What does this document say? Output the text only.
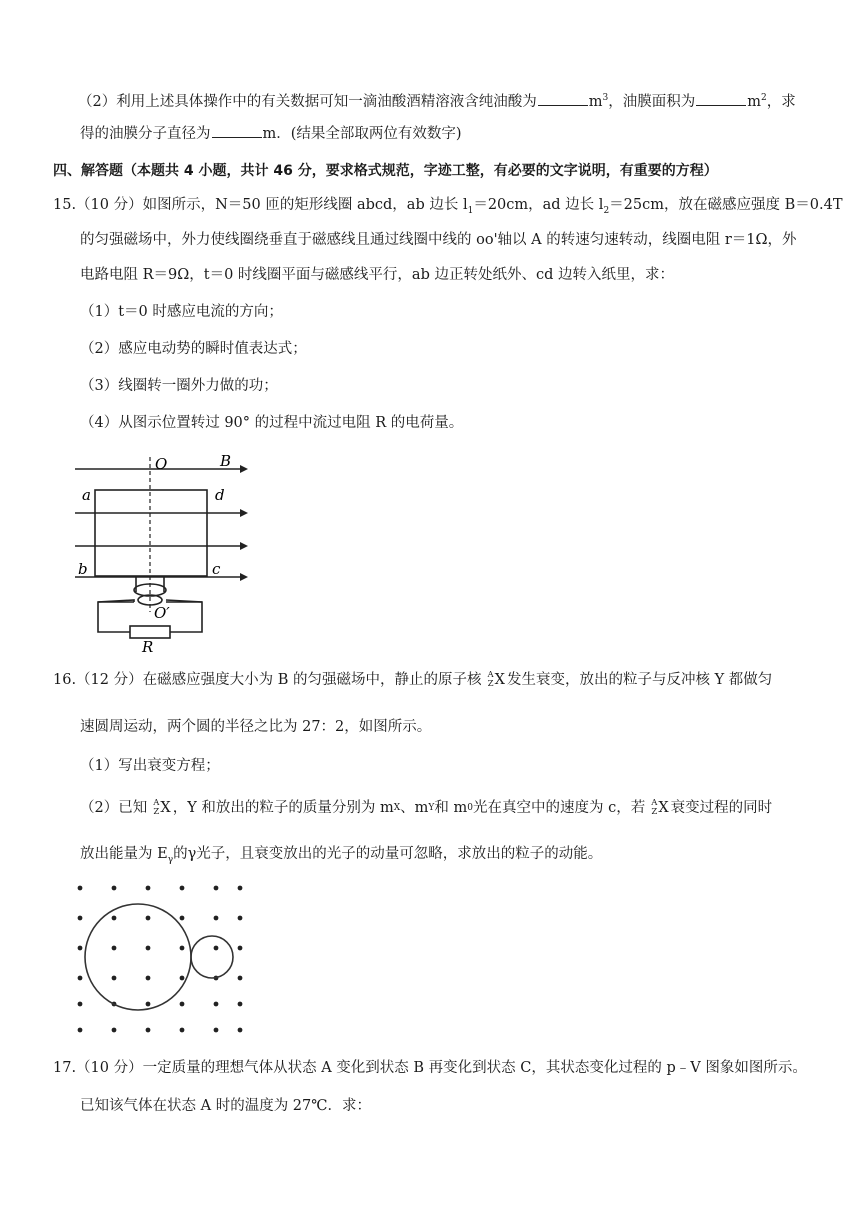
（2）利用上述具体操作中的有关数据可知一滴油酸酒精溶液含纯油酸为	$m^3$，油膜面积为	$m^2$，求
得的油膜分子直径为	m．(结果全部取两位有效数字)
四、解答题（本题共 4 小题，共计 46 分，要求格式规范，字迹工整，有必要的文字说明，有重要的方程）
15.（10 分）如图所示，N＝50 匝的矩形线圈 abcd，ab 边长 $l_1=20cm$，ad 边长 $l_2=25cm$，放在磁感应强度 B＝0.4T
的匀强磁场中，外力使线圈绕垂直于磁感线且通过线圈中线的 oo'轴以 A 的转速匀速转动，线圈电阻 r＝1Ω，外
电路电阻 R＝9Ω，t＝0 时线圈平面与磁感线平行，ab 边正转处纸外、cd 边转入纸里，求：
（1）t＝0 时感应电流的方向；
（2）感应电动势的瞬时值表达式；
（3）线圈转一圈外力做的功；
（4）从图示位置转过 90° 的过程中流过电阻 R 的电荷量。
O	B
a	d
b	c
O′
R
16.（12 分）在磁感应强度大小为 B 的匀强磁场中，静止的原子核 A
Z X 发生衰变，放出的粒子与反冲核 Y 都做匀
速圆周运动，两个圆的半径之比为 27：2，如图所示。
（1）写出衰变方程；
（2）已知 A
Z X ，Y 和放出的粒子的质量分别为 m X 、m Y 和 m 0 光在真空中的速度为 c，若 A
Z X 衰变过程的同时
放出能量为 $E_\gamma$的γ光子，且衰变放出的光子的动量可忽略，求放出的粒子的动能。
17.（10 分）一定质量的理想气体从状态 A 变化到状态 B 再变化到状态 C，其状态变化过程的 p﹣V 图象如图所示。
已知该气体在状态 A 时的温度为 27℃．求：
